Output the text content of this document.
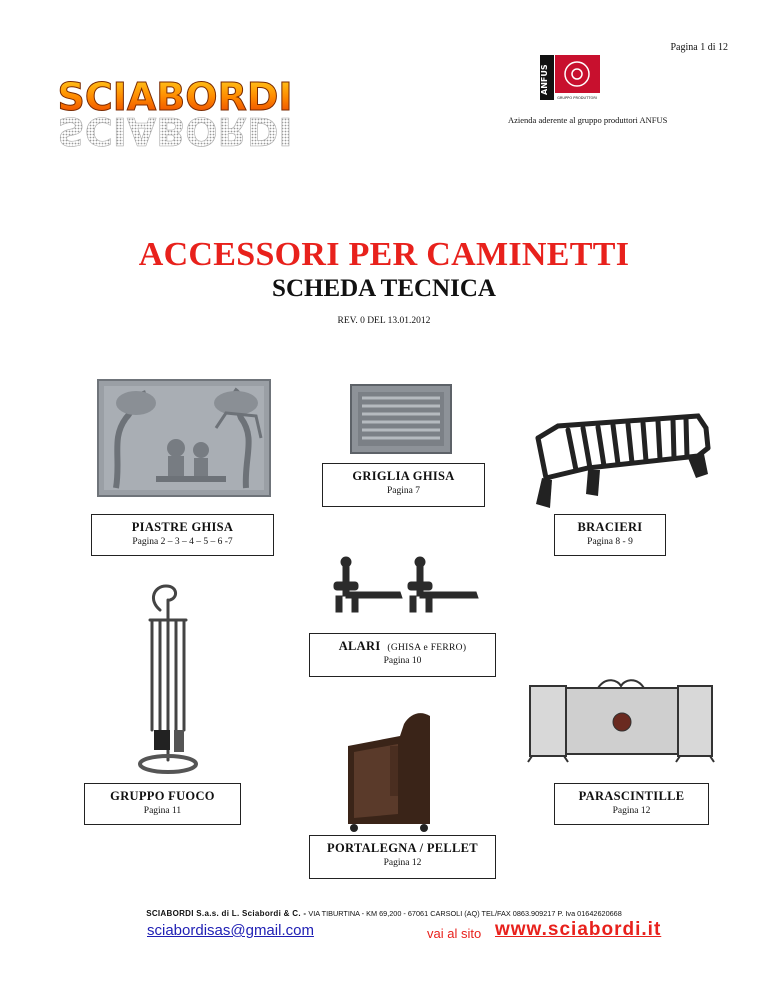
Pagina 1 di 12
SCIABORDI
SCIABORDI
ANFUS
GRUPPO PRODUTTORI
Azienda aderente al gruppo produttori ANFUS
ACCESSORI PER CAMINETTI
SCHEDA TECNICA
REV. 0 DEL 13.01.2012
GRIGLIA GHISA
Pagina 7
PIASTRE GHISA
Pagina 2 – 3 – 4 – 5 – 6 -7
BRACIERI
Pagina 8 - 9
ALARI (GHISA e FERRO)
Pagina 10
GRUPPO FUOCO
Pagina 11
PARASCINTILLE
Pagina 12
PORTALEGNA / PELLET
Pagina 12
SCIABORDI S.a.s. di L. Sciabordi & C. - VIA TIBURTINA - KM 69,200 - 67061 CARSOLI (AQ) TEL/FAX 0863.909217 P. Iva 01642620668
sciabordisas@gmail.com	vai al sito www.sciabordi.it
